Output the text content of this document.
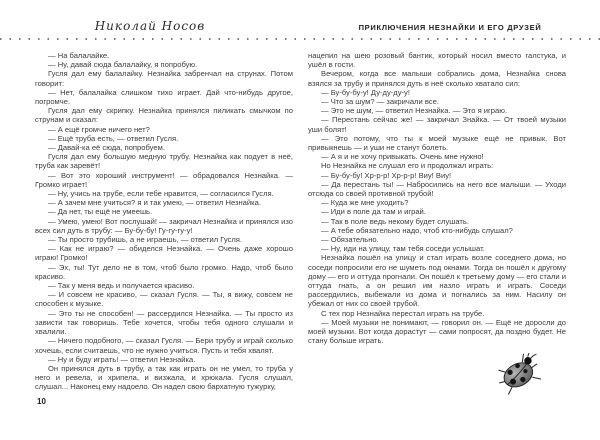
Николай Носов	ПРИКЛЮЧЕНИЯ НЕЗНАЙКИ И ЕГО ДРУЗЕЙ

— На балалайке.

— Ну, давай сюда балалайку, я попробую.

Гусля дал ему балалайку. Незнайка забренчал на струнах. Потом говорит:

— Нет, балалайка слишком тихо играет. Дай что-нибудь другое, погромче.

Гусля дал ему скрипку. Незнайка принялся пиликать смычком по струнам и сказал:

— А ещё громче ничего нет?

— Ещё труба есть, — ответил Гусля.

— Давай-ка её сюда, попробуем.

Гусля дал ему большую медную трубу. Незнайка как подует в неё, труба как заревёт!

— Вот это хороший инструмент! — обрадовался Незнайка. — Громко играет!

— Ну, учись на трубе, если тебе нравится, — согласился Гусля.

— А зачем мне учиться? я и так умею, — ответил Незнайка.

— Да нет, ты ещё не умеешь.

— Умею, умею! Вот послушай! — закричал Незнайка и принялся изо всех сил дуть в трубу: — Бу-бу-бу! Гу-гу-гу-у!

— Ты просто трубишь, а не играешь, — ответил Гусля.

— Как не играю? — обиделся Незнайка. — Очень даже хорошо играю! Громко!

— Эх, ты! Тут дело не в том, чтоб было громко. Надо, чтоб было красиво.

— Так у меня ведь и получается красиво.

— И совсем не красиво, — сказал Гусля. — Ты, я вижу, совсем не способен к музыке.

— Это ты не способен! — рассердился Незнайка. — Ты просто из зависти так говоришь. Тебе хочется, чтобы тебя одного слушали и хвалили.

— Ничего подобного, — сказал Гусля. — Бери трубу и играй сколько хочешь, если считаешь, что не нужно учиться. Пусть и тебя хвалят.

— Ну и буду играть! — ответил Незнайка.

Он принялся дуть в трубу, а так как играть он не умел, то труба у него и ревела, и хрипела, и визжала, и хрюкала. Гусля слушал, слушал... Наконец ему надоело. Он надел свою бархатную тужурку,

нацепил на шею розовый бантик, который носил вместо галстука, и ушёл в гости.

Вечером, когда все малыши собрались дома, Незнайка снова взялся за трубу и принялся дуть в неё сколько хватало сил:

— Бу-бу-бу-у! Ду-ду-ду-у!

— Что за шум? — закричали все.

— Это не шум, — ответил Незнайка. — Это я играю.

— Перестань сейчас же! — закричал Знайка. — От твоей музыки уши болят!

— Это потому, что ты к моей музыке ещё не привык. Вот привыкнешь — и уши не станут болеть.

— А я и не хочу привыкать. Очень мне нужно!

Но Незнайка не слушал его и продолжал играть:

— Бу-бу-бу! Хр-р-р! Хр-р-р! Виу! Виу!

— Да перестань ты! — Набросились на него все малыши. — Уходи отсюда со своей противной трубой!

— Куда же мне уходить?

— Иди в поле да там и играй.

— Так в поле ведь некому будет слушать.

— А тебе обязательно надо, чтоб кто-нибудь слушал?

— Обязательно.

— Ну, иди на улицу, там тебя соседи услышат.

Незнайка пошёл на улицу и стал играть возле соседнего дома, но соседи попросили его не шуметь под окнами. Тогда он пошёл к другому дому — его и оттуда прогнали. Он пошёл к третьему дому — его стали и оттуда гнать, а он решил им назло играть и играть. Соседи рассердились, выбежали из дома и погнались за ним. Насилу он убежал от них со своей трубой.

С тех пор Незнайка перестал играть на трубе.

— Моей музыки не понимают, — говорил он. — Ещё не доросли до моей музыки. Вот когда дорастут — сами попросят, да поздно будет. Не стану больше играть.

10
